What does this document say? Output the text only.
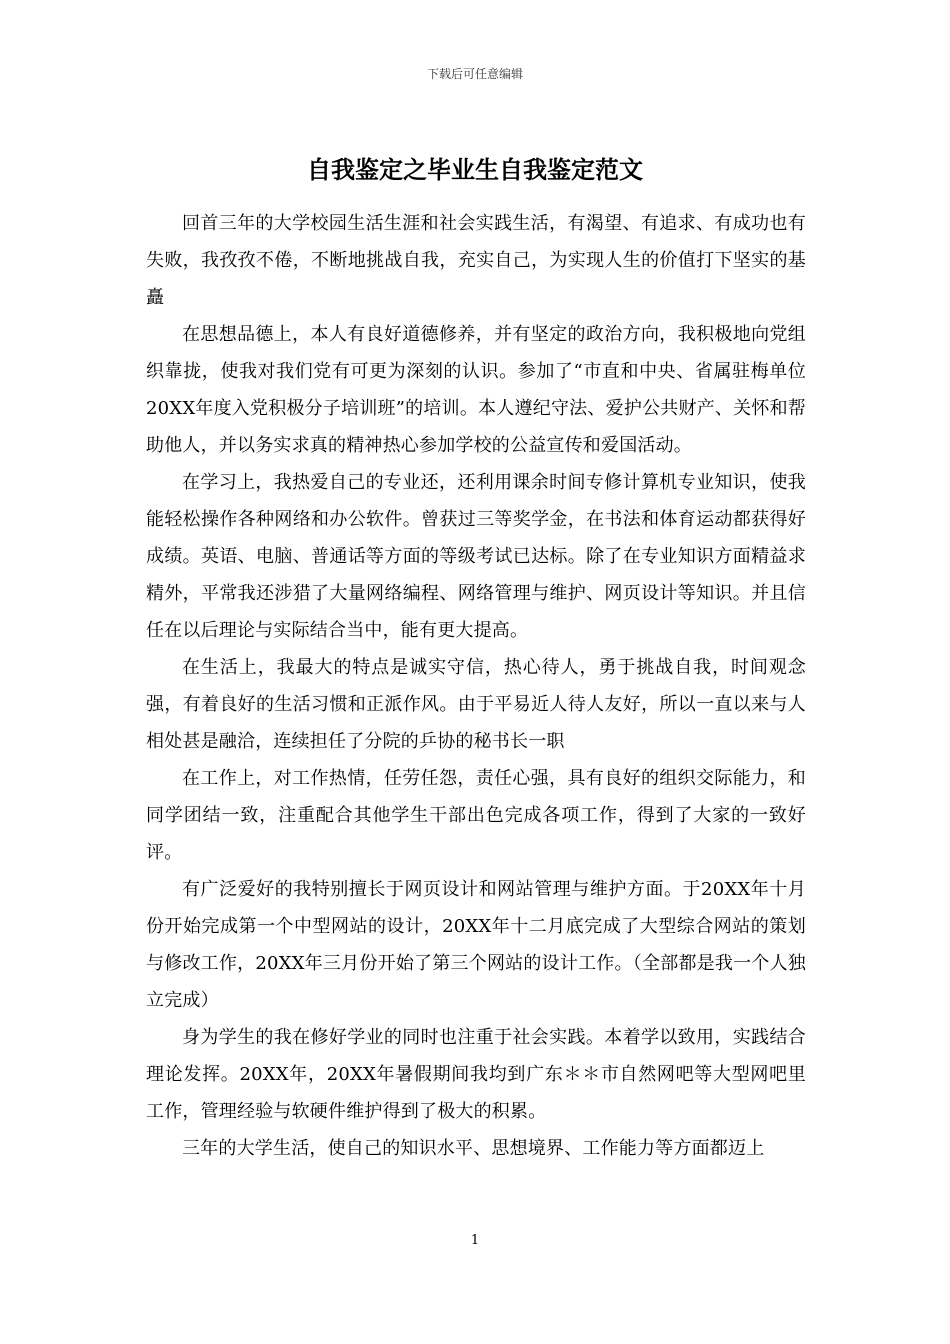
下载后可任意编辑
自我鉴定之毕业生自我鉴定范文

回首三年的大学校园生活生涯和社会实践生活，有渴望、有追求、有成功也有失败，我孜孜不倦，不断地挑战自我，充实自己，为实现人生的价值打下坚实的基矗

在思想品德上，本人有良好道德修养，并有坚定的政治方向，我积极地向党组织靠拢，使我对我们党有可更为深刻的认识。参加了“市直和中央、省属驻梅单位20XX年度入党积极分子培训班”的培训。本人遵纪守法、爱护公共财产、关怀和帮助他人，并以务实求真的精神热心参加学校的公益宣传和爱国活动。

在学习上，我热爱自己的专业还，还利用课余时间专修计算机专业知识，使我能轻松操作各种网络和办公软件。曾获过三等奖学金，在书法和体育运动都获得好成绩。英语、电脑、普通话等方面的等级考试已达标。除了在专业知识方面精益求精外，平常我还涉猎了大量网络编程、网络管理与维护、网页设计等知识。并且信任在以后理论与实际结合当中，能有更大提高。

在生活上，我最大的特点是诚实守信，热心待人，勇于挑战自我，时间观念强，有着良好的生活习惯和正派作风。由于平易近人待人友好，所以一直以来与人相处甚是融洽，连续担任了分院的乒协的秘书长一职

在工作上，对工作热情，任劳任怨，责任心强，具有良好的组织交际能力，和同学团结一致，注重配合其他学生干部出色完成各项工作，得到了大家的一致好评。

有广泛爱好的我特别擅长于网页设计和网站管理与维护方面。于20XX年十月份开始完成第一个中型网站的设计，20XX年十二月底完成了大型综合网站的策划与修改工作，20XX年三月份开始了第三个网站的设计工作。（全部都是我一个人独立完成）

身为学生的我在修好学业的同时也注重于社会实践。本着学以致用，实践结合理论发挥。20XX年，20XX年暑假期间我均到广东＊＊市自然网吧等大型网吧里工作，管理经验与软硬件维护得到了极大的积累。

三年的大学生活，使自己的知识水平、思想境界、工作能力等方面都迈上

1
